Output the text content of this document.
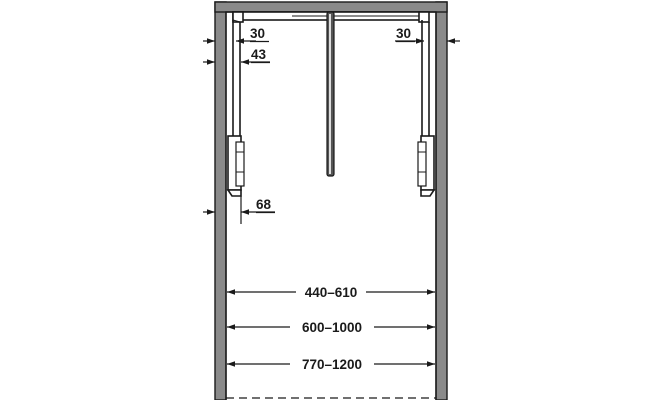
30
43
30
68
440–610
600–1000
770–1200
